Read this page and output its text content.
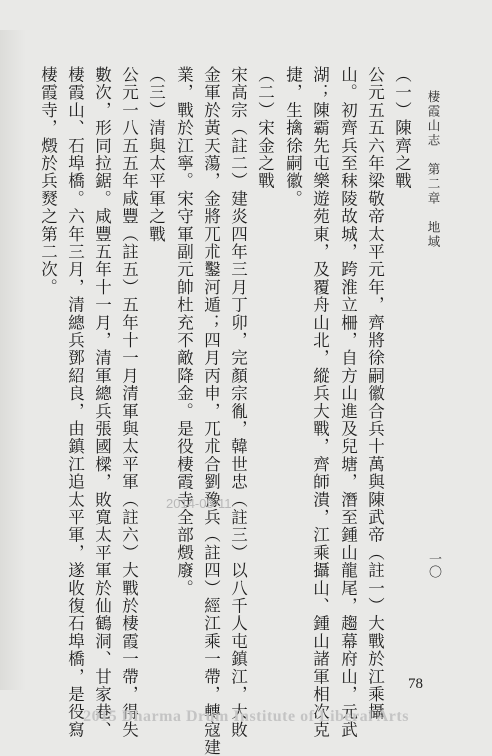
棲霞山志　第二章　地域
一〇
（一）陳齊之戰
公元五五六年梁敬帝太平元年，齊將徐嗣徽合兵十萬與陳武帝（註一）大戰於江乘攝
山。初齊兵至秣陵故城，跨淮立柵，自方山進及兒塘，潛至鍾山龍尾，趨幕府山，元武
湖；陳霸先屯樂遊苑東，及覆舟山北，縱兵大戰，齊師潰，江乘攝山、鍾山諸軍相次克
捷，生擒徐嗣徽。
（二）宋金之戰
宋高宗（註二）建炎四年三月丁卯，完顏宗㣧，韓世忠（註三）以八千人屯鎮江，大敗
金軍於黃天蕩，金將兀朮鑿河遁；四月丙申，兀朮合劉豫兵（註四）經江乘一帶，轉寇建
業，戰於江寧。宋守軍副元帥杜充不敵降金。是役棲霞寺全部燬廢。
（三）清與太平軍之戰
公元一八五五年咸豐（註五）五年十一月清軍與太平軍（註六）大戰於棲霞一帶，得失
數次，形同拉鋸。咸豐五年十一月，清軍總兵張國樑，敗寬太平軍於仙鶴洞、甘家巷、
棲霞山、石埠橋。六年三月，清總兵鄧紹良，由鎮江追太平軍，遂收復石埠橋，是役寫
棲霞寺，燬於兵燹之第二次。
2014-05-11
78
2015 Dharma Drum Institute of Liberal Arts
